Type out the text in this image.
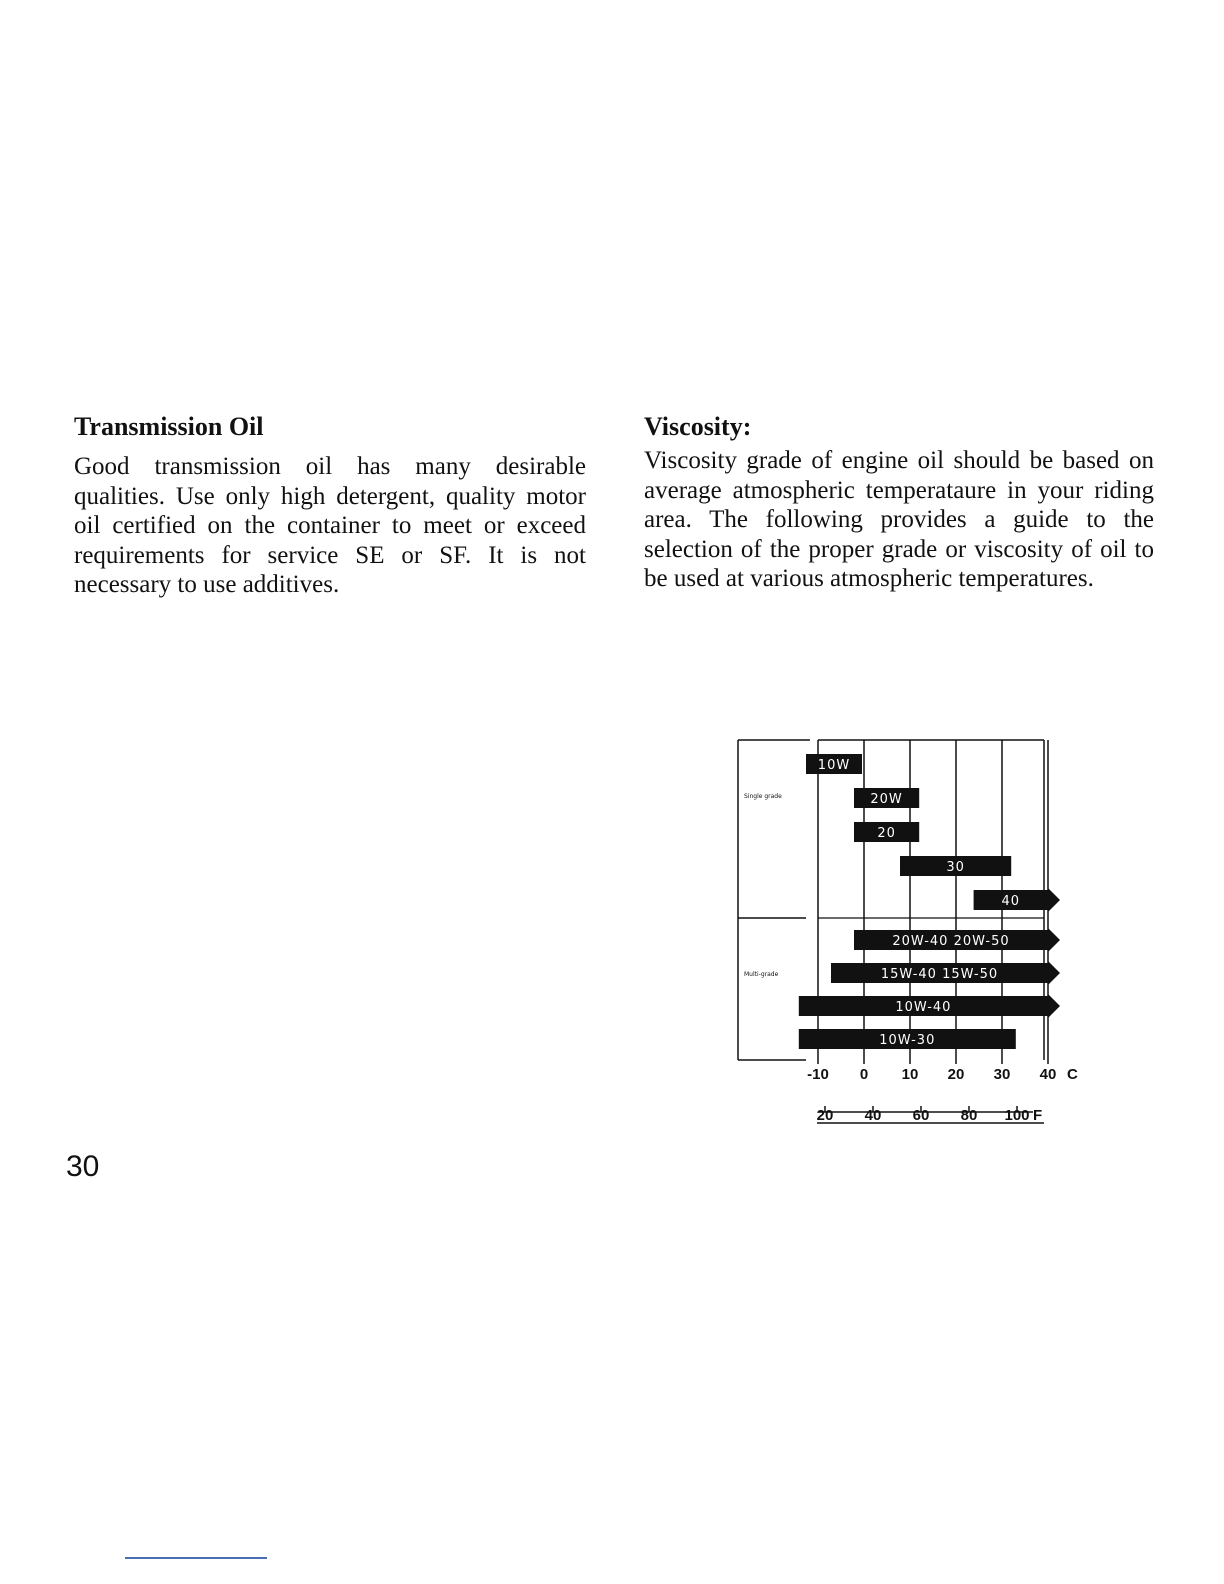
Transmission Oil

Good transmission oil has many desirable qualities. Use only high detergent, quality motor oil certified on the container to meet or exceed requirements for service SE or SF. It is not necessary to use additives.

Viscosity:

Viscosity grade of engine oil should be based on average atmospheric temperataure in your riding area. The following provides a guide to the selection of the proper grade or viscosity of oil to be used at various atmospheric temperatures.

Single grade
Multi-grade
10W
20W
20
30
40
20W-40 20W-50
15W-40 15W-50
10W-40
10W-30
-10 0 10 20 30 40 C
20 40 60 80 100 F
30
